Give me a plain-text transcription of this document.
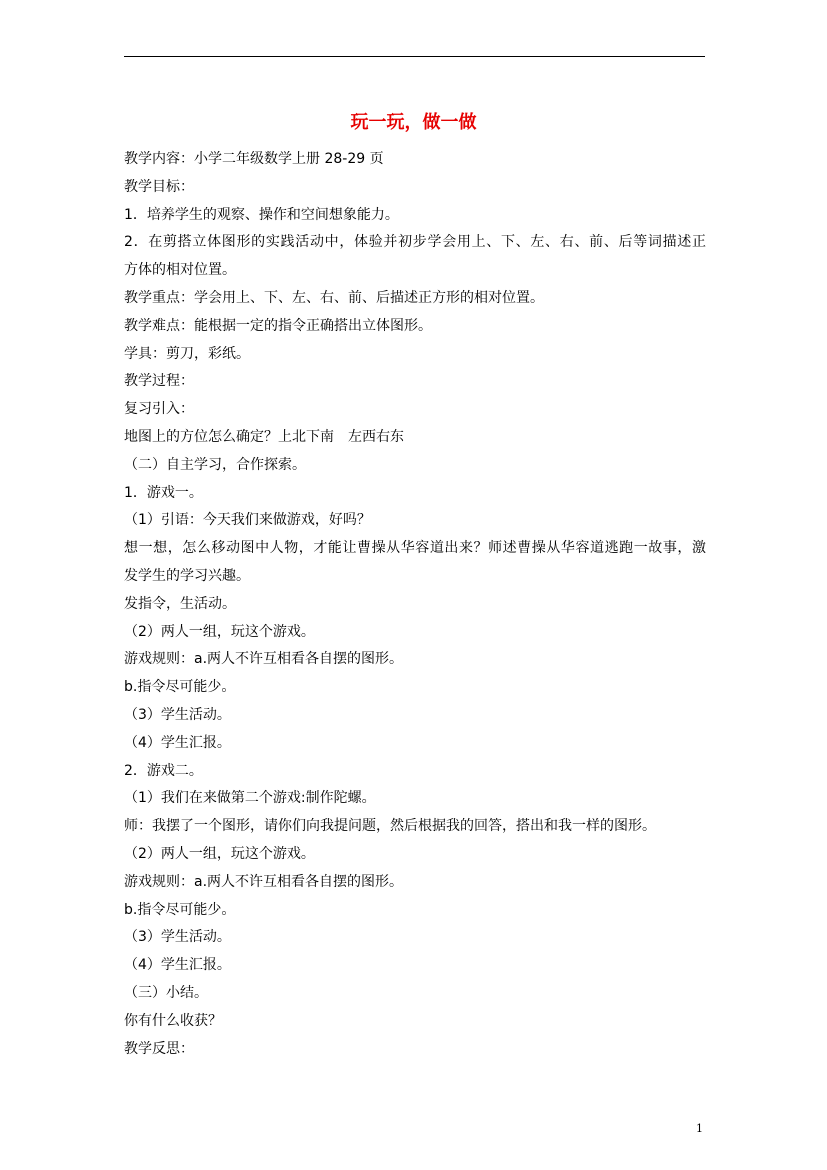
玩一玩，做一做
教学内容：小学二年级数学上册 28-29 页
教学目标：
1．培养学生的观察、操作和空间想象能力。
2．在剪搭立体图形的实践活动中，体验并初步学会用上、下、左、右、前、后等词描述正
方体的相对位置。
教学重点：学会用上、下、左、右、前、后描述正方形的相对位置。
教学难点：能根据一定的指令正确搭出立体图形。
学具：剪刀，彩纸。
教学过程：
复习引入：
地图上的方位怎么确定？上北下南　左西右东
（二）自主学习，合作探索。
1．游戏一。
（1）引语：今天我们来做游戏，好吗？
想一想，怎么移动图中人物，才能让曹操从华容道出来？师述曹操从华容道逃跑一故事，激
发学生的学习兴趣。
发指令，生活动。
（2）两人一组，玩这个游戏。
游戏规则：a.两人不许互相看各自摆的图形。
b.指令尽可能少。
（3）学生活动。
（4）学生汇报。
2．游戏二。
（1）我们在来做第二个游戏:制作陀螺。
师：我摆了一个图形，请你们向我提问题，然后根据我的回答，搭出和我一样的图形。
（2）两人一组，玩这个游戏。
游戏规则：a.两人不许互相看各自摆的图形。
b.指令尽可能少。
（3）学生活动。
（4）学生汇报。
（三）小结。
你有什么收获？
教学反思：
1
